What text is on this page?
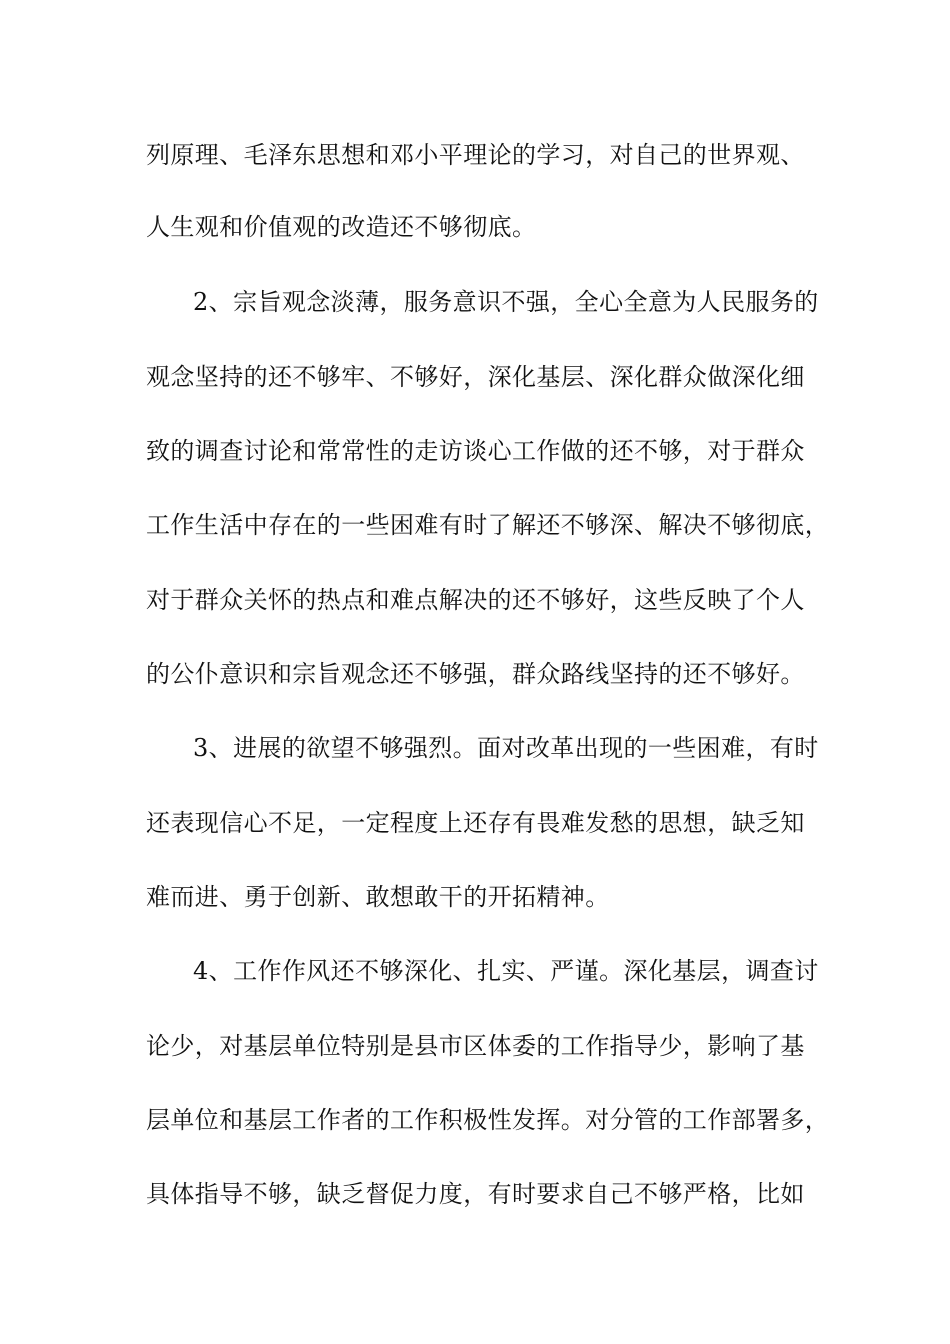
列原理、毛泽东思想和邓小平理论的学习，对自己的世界观、
人生观和价值观的改造还不够彻底。
2、宗旨观念淡薄，服务意识不强，全心全意为人民服务的
观念坚持的还不够牢、不够好，深化基层、深化群众做深化细
致的调查讨论和常常性的走访谈心工作做的还不够，对于群众
工作生活中存在的一些困难有时了解还不够深、解决不够彻底，
对于群众关怀的热点和难点解决的还不够好，这些反映了个人
的公仆意识和宗旨观念还不够强，群众路线坚持的还不够好。
3、进展的欲望不够强烈。面对改革出现的一些困难，有时
还表现信心不足，一定程度上还存有畏难发愁的思想，缺乏知
难而进、勇于创新、敢想敢干的开拓精神。
4、工作作风还不够深化、扎实、严谨。深化基层，调查讨
论少，对基层单位特别是县市区体委的工作指导少，影响了基
层单位和基层工作者的工作积极性发挥。对分管的工作部署多，
具体指导不够，缺乏督促力度，有时要求自己不够严格，比如
